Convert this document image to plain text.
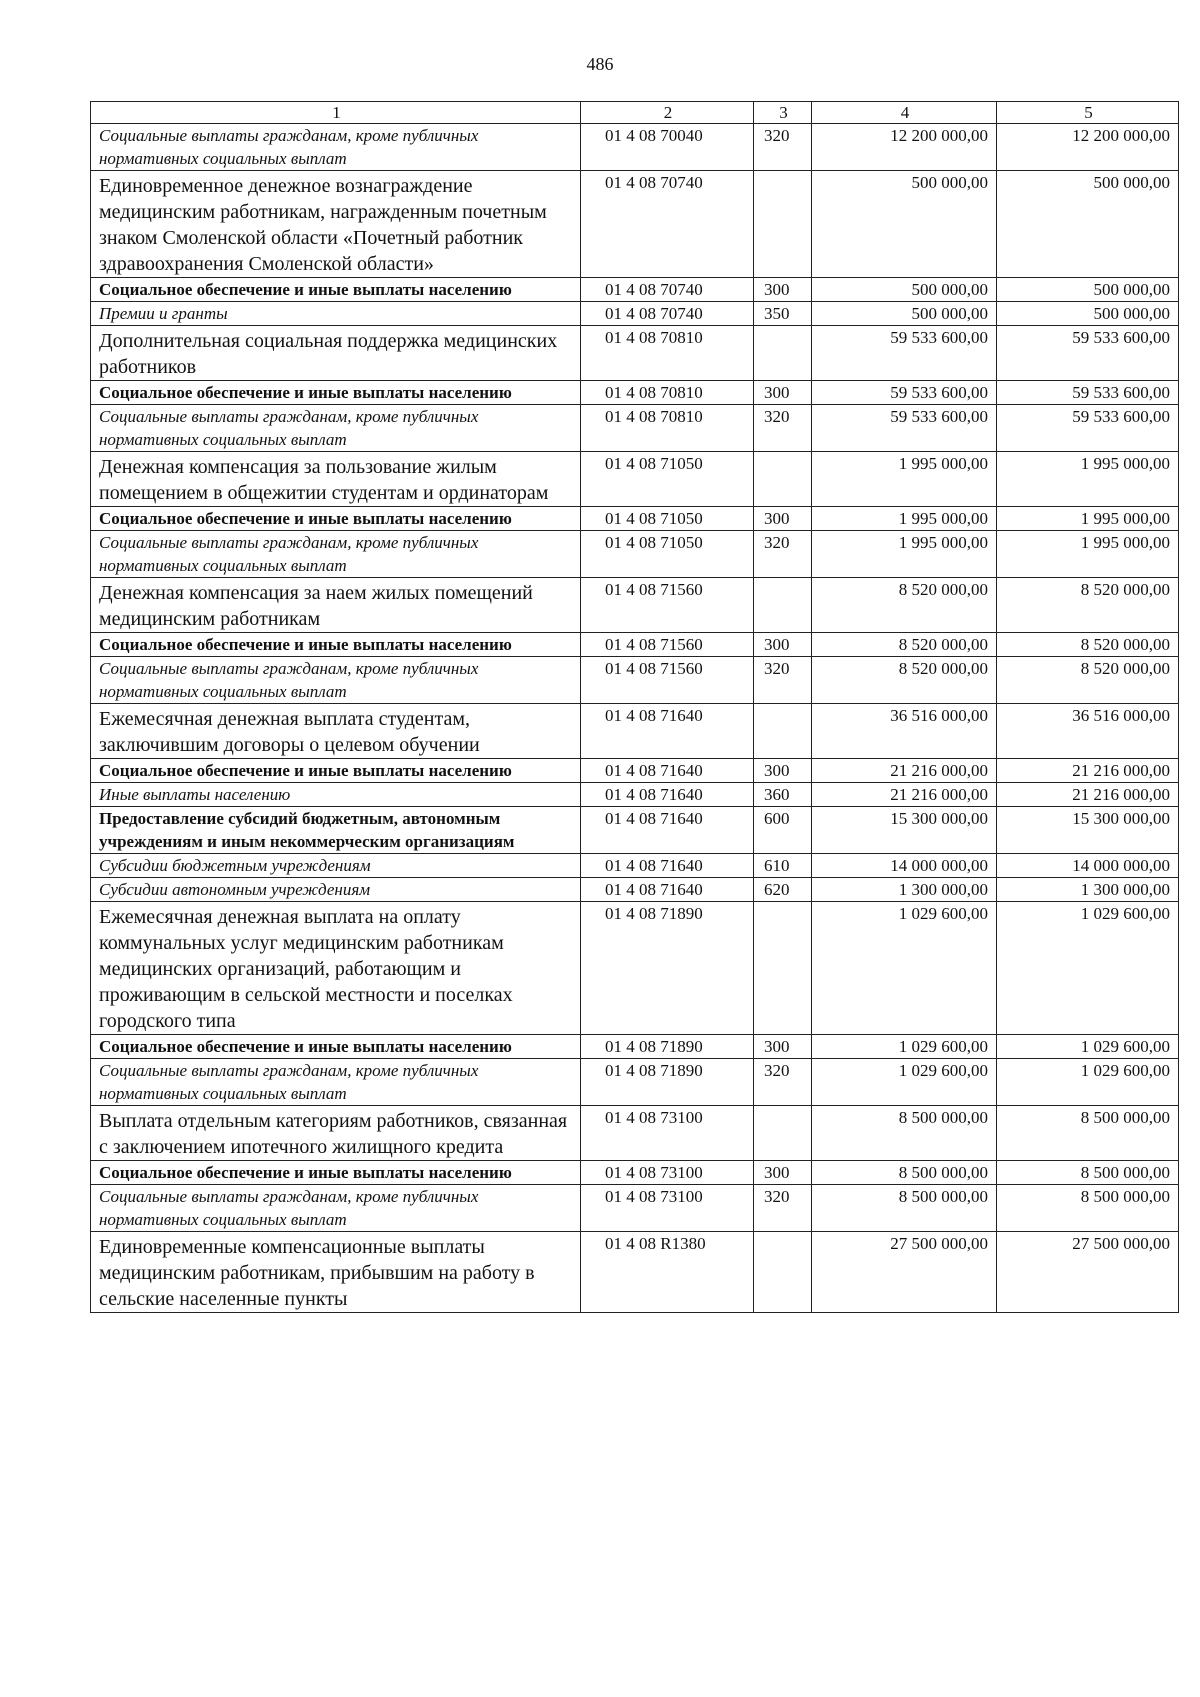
486
1	2	3	4	5
Социальные выплаты гражданам, кроме публичных нормативных социальных выплат	01 4 08 70040	320	12 200 000,00	12 200 000,00

Единовременное денежное вознаграждение медицинским работникам, награжденным почетным знаком Смоленской области «Почетный работник здравоохранения Смоленской области»	01 4 08 70740		500 000,00	500 000,00
Социальное обеспечение и иные выплаты населению	01 4 08 70740	300	500 000,00	500 000,00
Премии и гранты	01 4 08 70740	350	500 000,00	500 000,00

Дополнительная социальная поддержка медицинских работников	01 4 08 70810		59 533 600,00	59 533 600,00
Социальное обеспечение и иные выплаты населению	01 4 08 70810	300	59 533 600,00	59 533 600,00
Социальные выплаты гражданам, кроме публичных нормативных социальных выплат	01 4 08 70810	320	59 533 600,00	59 533 600,00

Денежная компенсация за пользование жилым помещением в общежитии студентам и ординаторам	01 4 08 71050		1 995 000,00	1 995 000,00
Социальное обеспечение и иные выплаты населению	01 4 08 71050	300	1 995 000,00	1 995 000,00
Социальные выплаты гражданам, кроме публичных нормативных социальных выплат	01 4 08 71050	320	1 995 000,00	1 995 000,00

Денежная компенсация за наем жилых помещений медицинским работникам	01 4 08 71560		8 520 000,00	8 520 000,00
Социальное обеспечение и иные выплаты населению	01 4 08 71560	300	8 520 000,00	8 520 000,00
Социальные выплаты гражданам, кроме публичных нормативных социальных выплат	01 4 08 71560	320	8 520 000,00	8 520 000,00

Ежемесячная денежная выплата студентам, заключившим договоры о целевом обучении	01 4 08 71640		36 516 000,00	36 516 000,00
Социальное обеспечение и иные выплаты населению	01 4 08 71640	300	21 216 000,00	21 216 000,00
Иные выплаты населению	01 4 08 71640	360	21 216 000,00	21 216 000,00
Предоставление субсидий бюджетным, автономным учреждениям и иным некоммерческим организациям	01 4 08 71640	600	15 300 000,00	15 300 000,00
Субсидии бюджетным учреждениям	01 4 08 71640	610	14 000 000,00	14 000 000,00
Субсидии автономным учреждениям	01 4 08 71640	620	1 300 000,00	1 300 000,00

Ежемесячная денежная выплата на оплату коммунальных услуг медицинским работникам медицинских организаций, работающим и проживающим в сельской местности и поселках городского типа	01 4 08 71890		1 029 600,00	1 029 600,00
Социальное обеспечение и иные выплаты населению	01 4 08 71890	300	1 029 600,00	1 029 600,00
Социальные выплаты гражданам, кроме публичных нормативных социальных выплат	01 4 08 71890	320	1 029 600,00	1 029 600,00

Выплата отдельным категориям работников, связанная с заключением ипотечного жилищного кредита	01 4 08 73100		8 500 000,00	8 500 000,00
Социальное обеспечение и иные выплаты населению	01 4 08 73100	300	8 500 000,00	8 500 000,00
Социальные выплаты гражданам, кроме публичных нормативных социальных выплат	01 4 08 73100	320	8 500 000,00	8 500 000,00

Единовременные компенсационные выплаты медицинским работникам, прибывшим на работу в сельские населенные пункты	01 4 08 R1380		27 500 000,00	27 500 000,00
